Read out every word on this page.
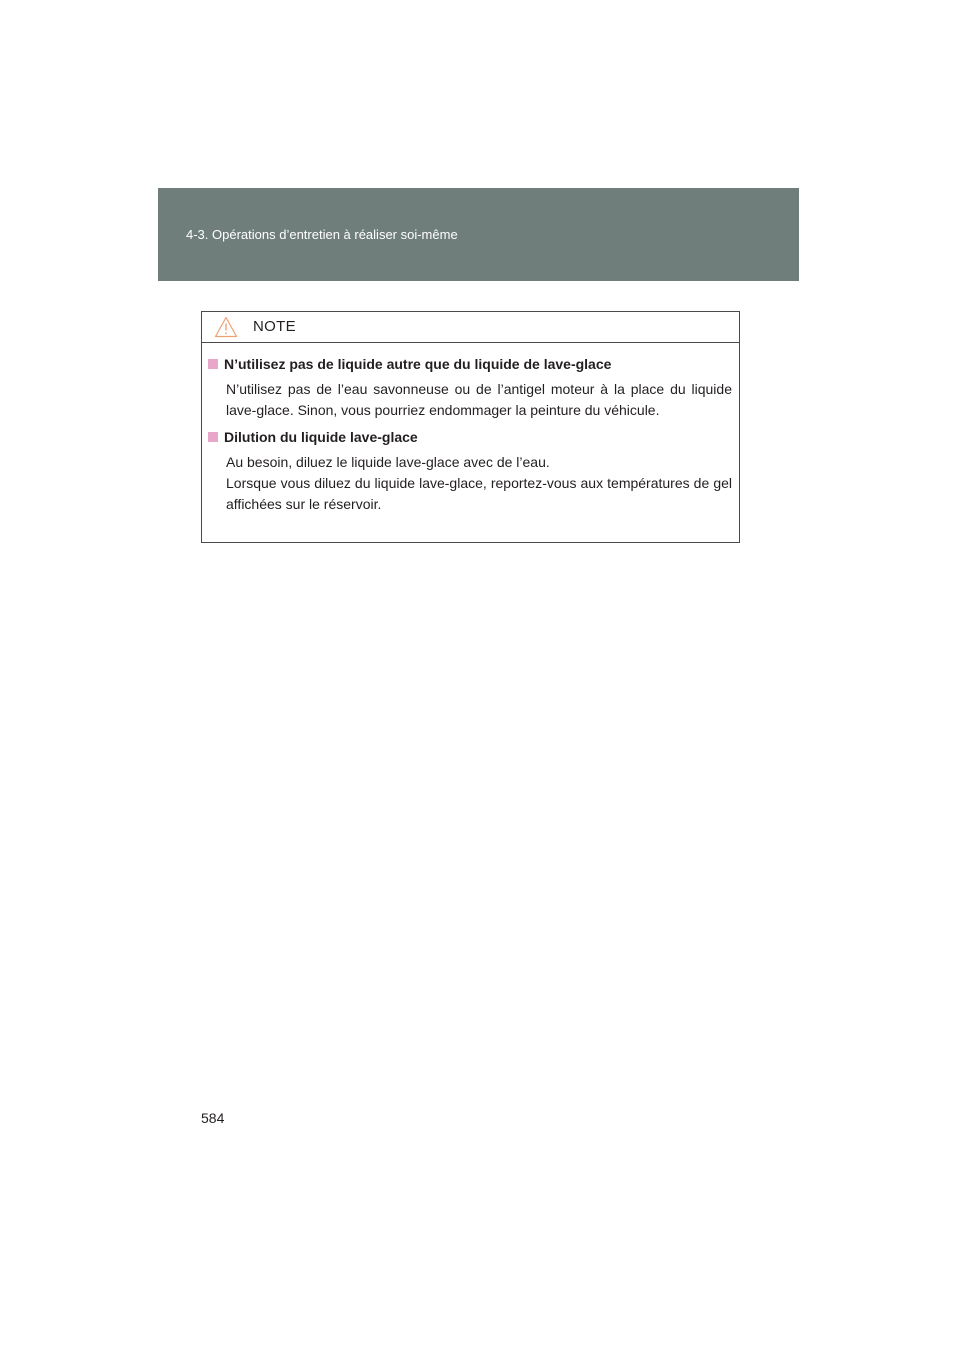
4-3. Opérations d’entretien à réaliser soi-même
NOTE
N’utilisez pas de liquide autre que du liquide de lave-glace

N’utilisez pas de l’eau savonneuse ou de l’antigel moteur à la place du liquide lave-glace. Sinon, vous pourriez endommager la peinture du véhicule.

Dilution du liquide lave-glace

Au besoin, diluez le liquide lave-glace avec de l’eau.

Lorsque vous diluez du liquide lave-glace, reportez-vous aux températures de gel affichées sur le réservoir.

584
